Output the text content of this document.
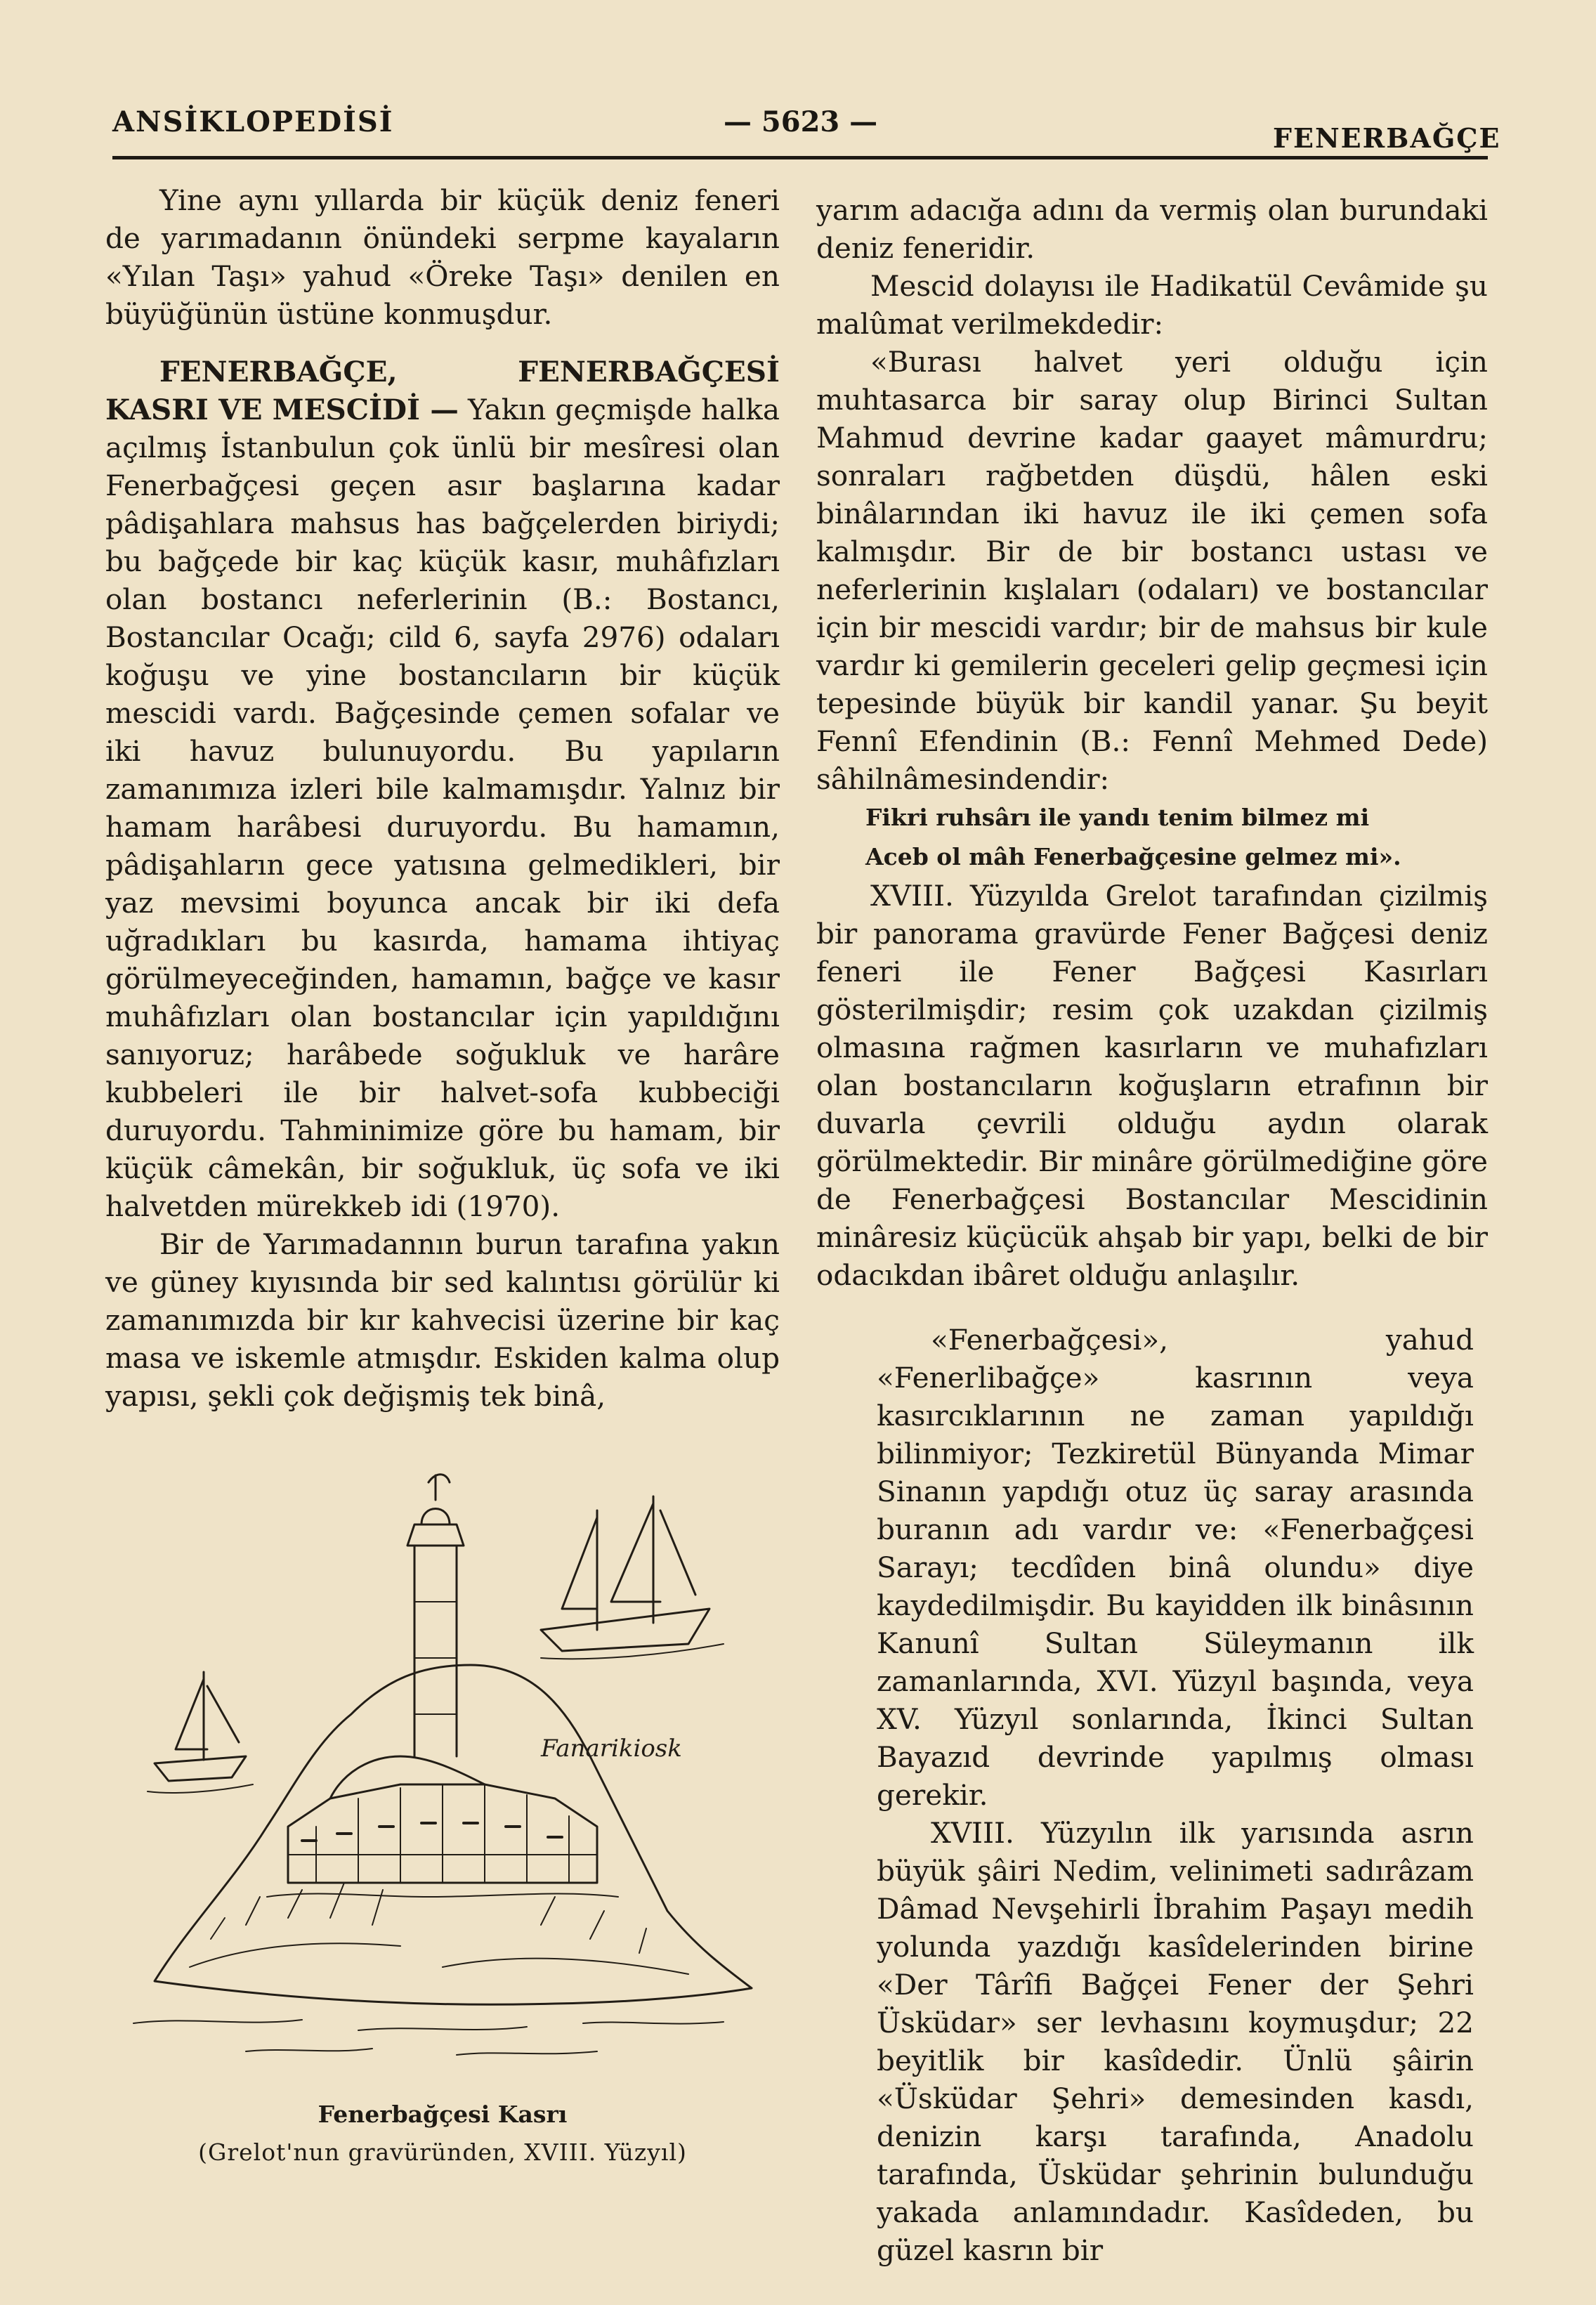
ANSİKLOPEDİSİ	— 5623 —	FENERBAĞÇE

Yine aynı yıllarda bir küçük deniz feneri de yarımadanın önündeki serpme kayaların «Yılan Taşı» yahud «Öreke Taşı» denilen en büyüğünün üstüne konmuşdur.

FENERBAĞÇE, FENERBAĞÇESİ KASRI VE MESCİDİ — Yakın geçmişde halka açılmış İstanbulun çok ünlü bir mesîresi olan Fenerbağçesi geçen asır başlarına kadar pâdişahlara mahsus has bağçelerden biriydi; bu bağçede bir kaç küçük kasır, muhâfızları olan bostancı neferlerinin (B.: Bostancı, Bostancılar Ocağı; cild 6, sayfa 2976) odaları koğuşu ve yine bostancıların bir küçük mescidi vardı. Bağçesinde çemen sofalar ve iki havuz bulunuyordu. Bu yapıların zamanımıza izleri bile kalmamışdır. Yalnız bir hamam harâbesi duruyordu. Bu hamamın, pâdişahların gece yatısına gelmedikleri, bir yaz mevsimi boyunca ancak bir iki defa uğradıkları bu kasırda, hamama ihtiyaç görülmeyeceğinden, hamamın, bağçe ve kasır muhâfızları olan bostancılar için yapıldığını sanıyoruz; harâbede soğukluk ve harâre kubbeleri ile bir halvet-sofa kubbeciği duruyordu. Tahminimize göre bu hamam, bir küçük câmekân, bir soğukluk, üç sofa ve iki halvetden mürekkeb idi (1970).

Bir de Yarımadannın burun tarafına yakın ve güney kıyısında bir sed kalıntısı görülür ki zamanımızda bir kır kahvecisi üzerine bir kaç masa ve iskemle atmışdır. Eskiden kalma olup yapısı, şekli çok değişmiş tek binâ,

Fanarikiosk
Fenerbağçesi Kasrı
(Grelot'nun gravüründen, XVIII. Yüzyıl)

yarım adacığa adını da vermiş olan burundaki deniz feneridir.

Mescid dolayısı ile Hadikatül Cevâmide şu malûmat verilmekdedir:

«Burası halvet yeri olduğu için muhtasarca bir saray olup Birinci Sultan Mahmud devrine kadar gaayet mâmurdru; sonraları rağbetden düşdü, hâlen eski binâlarından iki havuz ile iki çemen sofa kalmışdır. Bir de bir bostancı ustası ve neferlerinin kışlaları (odaları) ve bostancılar için bir mescidi vardır; bir de mahsus bir kule vardır ki gemilerin geceleri gelip geçmesi için tepesinde büyük bir kandil yanar. Şu beyit Fennî Efendinin (B.: Fennî Mehmed Dede) sâhilnâmesindendir:

Fikri ruhsârı ile yandı tenim bilmez mi
Aceb ol mâh Fenerbağçesine gelmez mi».

XVIII. Yüzyılda Grelot tarafından çizilmiş bir panorama gravürde Fener Bağçesi deniz feneri ile Fener Bağçesi Kasırları gösterilmişdir; resim çok uzakdan çizilmiş olmasına rağmen kasırların ve muhafızları olan bostancıların koğuşların etrafının bir duvarla çevrili olduğu aydın olarak görülmektedir. Bir minâre görülmediğine göre de Fenerbağçesi Bostancılar Mescidinin minâresiz küçücük ahşab bir yapı, belki de bir odacıkdan ibâret olduğu anlaşılır.

«Fenerbağçesi», yahud «Fenerlibağçe» kasrının veya kasırcıklarının ne zaman yapıldığı bilinmiyor; Tezkiretül Bünyanda Mimar Sinanın yapdığı otuz üç saray arasında buranın adı vardır ve: «Fenerbağçesi Sarayı; tecdîden binâ olundu» diye kaydedilmişdir. Bu kayidden ilk binâsının Kanunî Sultan Süleymanın ilk zamanlarında, XVI. Yüzyıl başında, veya XV. Yüzyıl sonlarında, İkinci Sultan Bayazıd devrinde yapılmış olması gerekir.

XVIII. Yüzyılın ilk yarısında asrın büyük şâiri Nedim, velinimeti sadırâzam Dâmad Nevşehirli İbrahim Paşayı medih yolunda yazdığı kasîdelerinden birine «Der Târîfi Bağçei Fener der Şehri Üsküdar» ser levhasını koymuşdur; 22 beyitlik bir kasîdedir. Ünlü şâirin «Üsküdar Şehri» demesinden kasdı, denizin karşı tarafında, Anadolu tarafında, Üsküdar şehrinin bulunduğu yakada anlamındadır. Kasîdeden, bu güzel kasrın bir
